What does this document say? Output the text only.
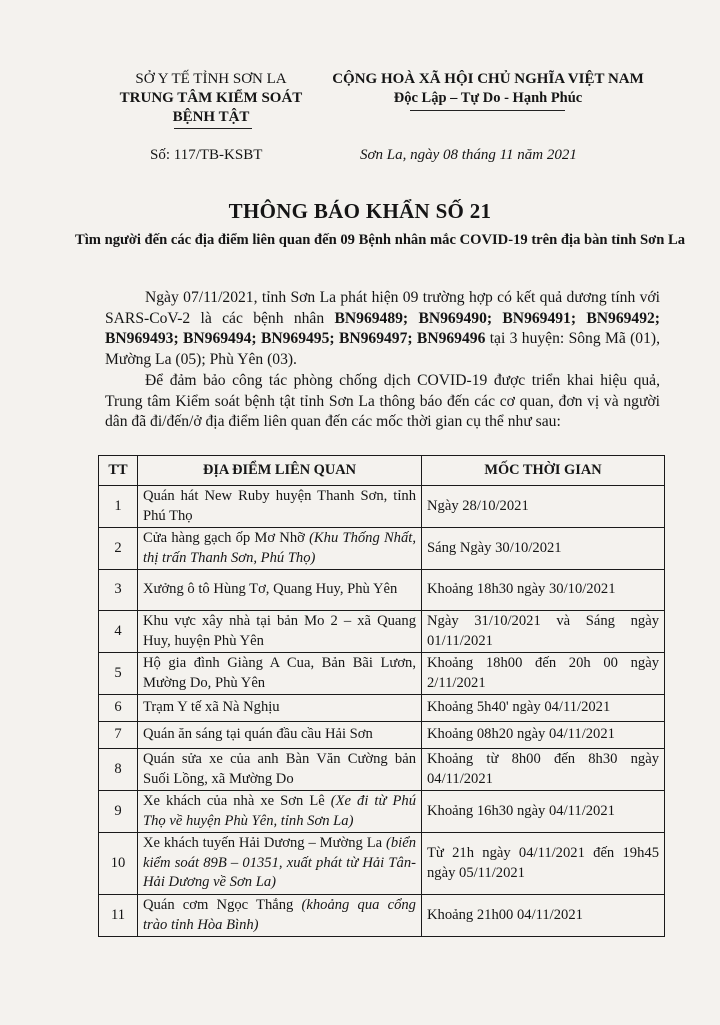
SỞ Y TẾ TỈNH SƠN LA
TRUNG TÂM KIỂM SOÁT
BỆNH TẬT
CỘNG HOÀ XÃ HỘI CHỦ NGHĨA VIỆT NAM
Độc Lập – Tự Do - Hạnh Phúc
Số: 117/TB-KSBT	Sơn La, ngày 08 tháng 11 năm 2021
THÔNG BÁO KHẨN SỐ 21
Tìm người đến các địa điểm liên quan đến 09 Bệnh nhân mắc COVID-19 trên địa bàn tỉnh Sơn La
Ngày 07/11/2021, tỉnh Sơn La phát hiện 09 trường hợp có kết quả dương tính với SARS-CoV-2 là các bệnh nhân BN969489; BN969490; BN969491; BN969492; BN969493; BN969494; BN969495; BN969497; BN969496 tại 3 huyện: Sông Mã (01), Mường La (05); Phù Yên (03).
Để đảm bảo công tác phòng chống dịch COVID-19 được triển khai hiệu quả, Trung tâm Kiểm soát bệnh tật tỉnh Sơn La thông báo đến các cơ quan, đơn vị và người dân đã đi/đến/ở địa điểm liên quan đến các mốc thời gian cụ thể như sau:
TT	ĐỊA ĐIỂM LIÊN QUAN	MỐC THỜI GIAN
1	Quán hát New Ruby huyện Thanh Sơn, tỉnh Phú Thọ	Ngày 28/10/2021
2	Cửa hàng gạch ốp Mơ Nhỡ (Khu Thống Nhất, thị trấn Thanh Sơn, Phú Thọ)	Sáng Ngày 30/10/2021
3	Xưởng ô tô Hùng Tơ, Quang Huy, Phù Yên	Khoảng 18h30 ngày 30/10/2021
4	Khu vực xây nhà tại bản Mo 2 – xã Quang Huy, huyện Phù Yên	Ngày 31/10/2021 và Sáng ngày 01/11/2021
5	Hộ gia đình Giàng A Cua, Bản Bãi Lươn, Mường Do, Phù Yên	Khoảng 18h00 đến 20h 00 ngày 2/11/2021
6	Trạm Y tế xã Nà Nghịu	Khoảng 5h40' ngày 04/11/2021
7	Quán ăn sáng tại quán đầu cầu Hải Sơn	Khoảng 08h20 ngày 04/11/2021
8	Quán sửa xe của anh Bàn Văn Cường bản Suối Lồng, xã Mường Do	Khoảng từ 8h00 đến 8h30 ngày 04/11/2021
9	Xe khách của nhà xe Sơn Lê (Xe đi từ Phú Thọ về huyện Phù Yên, tỉnh Sơn La)	Khoảng 16h30 ngày 04/11/2021
10	Xe khách tuyến Hải Dương – Mường La (biển kiểm soát 89B – 01351, xuất phát từ Hải Tân- Hải Dương về Sơn La)	Từ 21h ngày 04/11/2021 đến 19h45 ngày 05/11/2021
11	Quán cơm Ngọc Thắng (khoảng qua cổng trào tỉnh Hòa Bình)	Khoảng 21h00 04/11/2021
